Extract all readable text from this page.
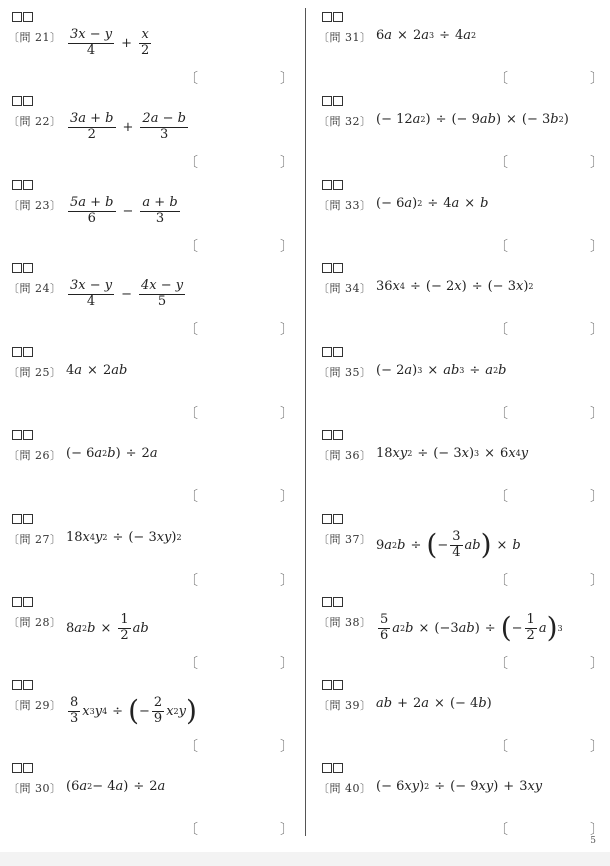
〔問 21〕 $\frac{3x - y}{4} + \frac{x}{2}$
〔	〕
〔問 22〕 $\frac{3a + b}{2} + \frac{2a - b}{3}$
〔	〕
〔問 23〕 $\frac{5a + b}{6} - \frac{a + b}{3}$
〔	〕
〔問 24〕 $\frac{3x - y}{4} - \frac{4x - y}{5}$
〔	〕
〔問 25〕 4 a × 2 ab
〔	〕
〔問 26〕 (− 6 a 2 b ) ÷ 2 a
〔	〕
〔問 27〕 18 x 4 y 2 ÷ (− 3 xy ) 2
〔	〕
〔問 28〕 8 a 2 $b \times \frac{1}{2}$ ab
〔	〕
〔問 29〕 $\frac{8}{3}$ x 3 y 4 ÷ ( − $\frac{2}{9}$ x 2 y )
〔	〕
〔問 30〕 (6 a 2 − 4 a ) ÷ 2 a
〔	〕
〔問 31〕 6 a × 2 a 3 ÷ 4 a 2
〔	〕
〔問 32〕 (− 12 a 2 ) ÷ (− 9 ab ) × (− 3 b 2 )
〔	〕
〔問 33〕 (− 6 a ) 2 ÷ 4 a × b
〔	〕
〔問 34〕 36 x 4 ÷ (− 2 x ) ÷ (− 3 x ) 2
〔	〕
〔問 35〕 (− 2 a ) 3 × ab 3 ÷ a 2 b
〔	〕
〔問 36〕 18 xy 2 ÷ (− 3 x ) 3 × 6 x 4 y
〔	〕
〔問 37〕 9 a 2 b ÷ ( − $\frac{3}{4}$ ab ) × b
〔	〕
〔問 38〕 $\frac{5}{6}$ a 2 b × (−3 ab ) ÷ ( − $\frac{1}{2}$ a ) 3
〔	〕
〔問 39〕 ab + 2 a × (− 4 b )
〔	〕
〔問 40〕 (− 6 xy ) 2 ÷ (− 9 xy ) + 3 xy
〔	〕
5
